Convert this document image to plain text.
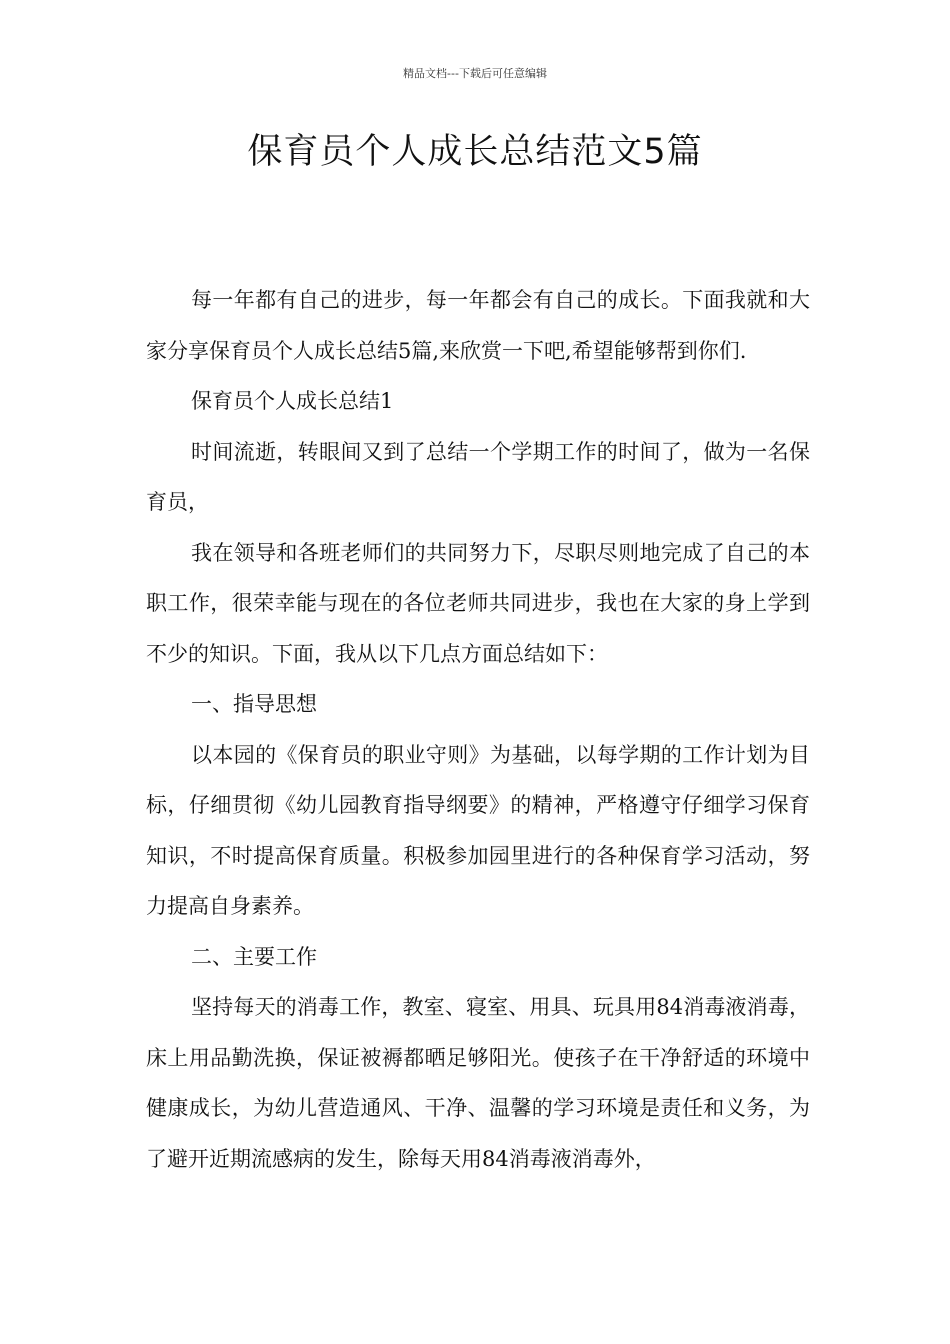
精品文档---下载后可任意编辑
保育员个人成长总结范文5篇

每一年都有自己的进步，每一年都会有自己的成长。下面我就和大家分享保育员个人成长总结5篇,来欣赏一下吧,希望能够帮到你们.

保育员个人成长总结1

时间流逝，转眼间又到了总结一个学期工作的时间了，做为一名保育员，

我在领导和各班老师们的共同努力下，尽职尽则地完成了自己的本职工作，很荣幸能与现在的各位老师共同进步，我也在大家的身上学到不少的知识。下面，我从以下几点方面总结如下：

一、指导思想

以本园的《保育员的职业守则》为基础，以每学期的工作计划为目标，仔细贯彻《幼儿园教育指导纲要》的精神，严格遵守仔细学习保育知识，不时提高保育质量。积极参加园里进行的各种保育学习活动，努力提高自身素养。

二、主要工作

坚持每天的消毒工作，教室、寝室、用具、玩具用84消毒液消毒，床上用品勤洗换，保证被褥都晒足够阳光。使孩子在干净舒适的环境中健康成长，为幼儿营造通风、干净、温馨的学习环境是责任和义务，为了避开近期流感病的发生，除每天用84消毒液消毒外，
